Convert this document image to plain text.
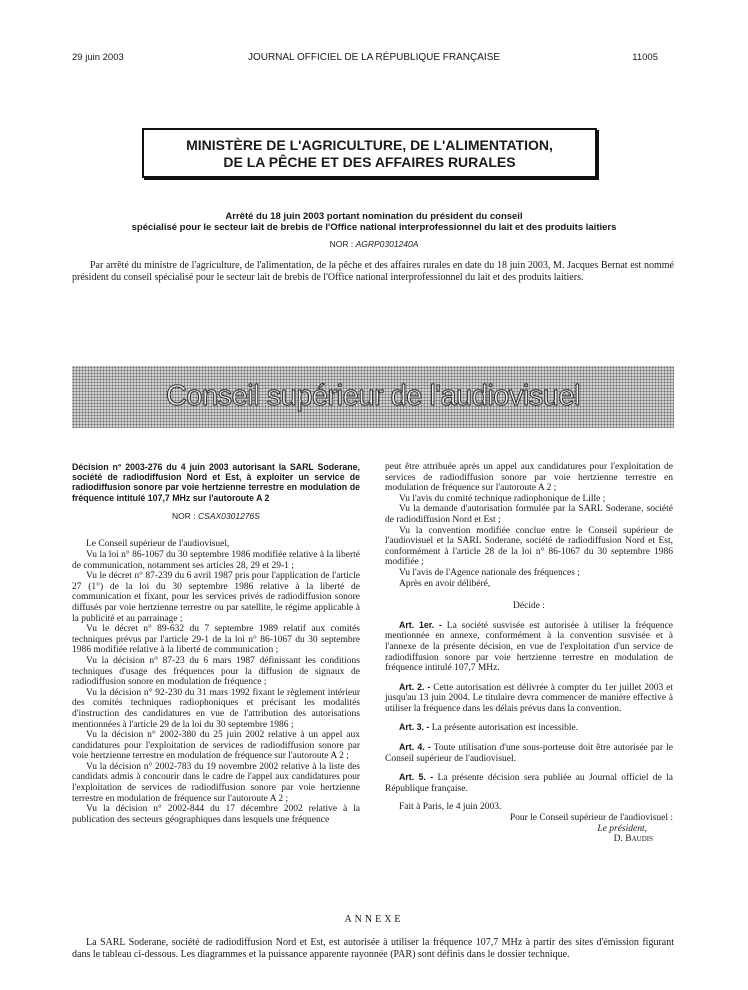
29 juin 2003	JOURNAL OFFICIEL DE LA RÉPUBLIQUE FRANÇAISE	11005
MINISTÈRE DE L'AGRICULTURE, DE L'ALIMENTATION,
DE LA PÊCHE ET DES AFFAIRES RURALES
Arrêté du 18 juin 2003 portant nomination du président du conseil
spécialisé pour le secteur lait de brebis de l'Office national interprofessionnel du lait et des produits laitiers
NOR : AGRP0301240A

Par arrêté du ministre de l'agriculture, de l'alimentation, de la pêche et des affaires rurales en date du 18 juin 2003, M. Jacques Bernat est nommé président du conseil spécialisé pour le secteur lait de brebis de l'Office national interprofessionnel du lait et des produits laitiers.

Conseil supérieur de l'audiovisuel

Décision n° 2003-276 du 4 juin 2003 autorisant la SARL Soderane, société de radiodiffusion Nord et Est, à exploiter un service de radiodiffusion sonore par voie hertzienne terrestre en modulation de fréquence intitulé 107,7 MHz sur l'autoroute A 2

NOR : CSAX0301276S

Le Conseil supérieur de l'audiovisuel,

Vu la loi n° 86-1067 du 30 septembre 1986 modifiée relative à la liberté de communication, notamment ses articles 28, 29 et 29-1 ;

Vu le décret n° 87-239 du 6 avril 1987 pris pour l'application de l'article 27 (1°) de la loi du 30 septembre 1986 relative à la liberté de communication et fixant, pour les services privés de radiodiffusion sonore diffusés par voie hertzienne terrestre ou par satellite, le régime applicable à la publicité et au parrainage ;

Vu le décret n° 89-632 du 7 septembre 1989 relatif aux comités techniques prévus par l'article 29-1 de la loi n° 86-1067 du 30 septembre 1986 modifiée relative à la liberté de communication ;

Vu la décision n° 87-23 du 6 mars 1987 définissant les conditions techniques d'usage des fréquences pour la diffusion de signaux de radiodiffusion sonore en modulation de fréquence ;

Vu la décision n° 92-230 du 31 mars 1992 fixant le règlement intérieur des comités techniques radiophoniques et précisant les modalités d'instruction des candidatures en vue de l'attribution des autorisations mentionnées à l'article 29 de la loi du 30 septembre 1986 ;

Vu la décision n° 2002-380 du 25 juin 2002 relative à un appel aux candidatures pour l'exploitation de services de radiodiffusion sonore par voie hertzienne terrestre en modulation de fréquence sur l'autoroute A 2 ;

Vu la décision n° 2002-783 du 19 novembre 2002 relative à la liste des candidats admis à concourir dans le cadre de l'appel aux candidatures pour l'exploitation de services de radiodiffusion sonore par voie hertzienne terrestre en modulation de fréquence sur l'autoroute A 2 ;

Vu la décision n° 2002-844 du 17 décembre 2002 relative à la publication des secteurs géographiques dans lesquels une fréquence

peut être attribuée après un appel aux candidatures pour l'exploitation de services de radiodiffusion sonore par voie hertzienne terrestre en modulation de fréquence sur l'autoroute A 2 ;

Vu l'avis du comité technique radiophonique de Lille ;

Vu la demande d'autorisation formulée par la SARL Soderane, société de radiodiffusion Nord et Est ;

Vu la convention modifiée conclue entre le Conseil supérieur de l'audiovisuel et la SARL Soderane, société de radiodiffusion Nord et Est, conformément à l'article 28 de la loi n° 86-1067 du 30 septembre 1986 modifiée ;

Vu l'avis de l'Agence nationale des fréquences ;

Après en avoir délibéré,

Décide :

Art. 1er. - La société susvisée est autorisée à utiliser la fréquence mentionnée en annexe, conformément à la convention susvisée et à l'annexe de la présente décision, en vue de l'exploitation d'un service de radiodiffusion sonore par voie hertzienne terrestre en modulation de fréquence intitulé 107,7 MHz.

Art. 2. - Cette autorisation est délivrée à compter du 1er juillet 2003 et jusqu'au 13 juin 2004. Le titulaire devra commencer de manière effective à utiliser la fréquence dans les délais prévus dans la convention.

Art. 3. - La présente autorisation est incessible.

Art. 4. - Toute utilisation d'une sous-porteuse doit être autorisée par le Conseil supérieur de l'audiovisuel.

Art. 5. - La présente décision sera publiée au Journal officiel de la République française.

Fait à Paris, le 4 juin 2003.

Pour le Conseil supérieur de l'audiovisuel :

Le président,

D. Baudis

ANNEXE

La SARL Soderane, société de radiodiffusion Nord et Est, est autorisée à utiliser la fréquence 107,7 MHz à partir des sites d'émission figurant dans le tableau ci-dessous. Les diagrammes et la puissance apparente rayonnée (PAR) sont définis dans le dossier technique.
